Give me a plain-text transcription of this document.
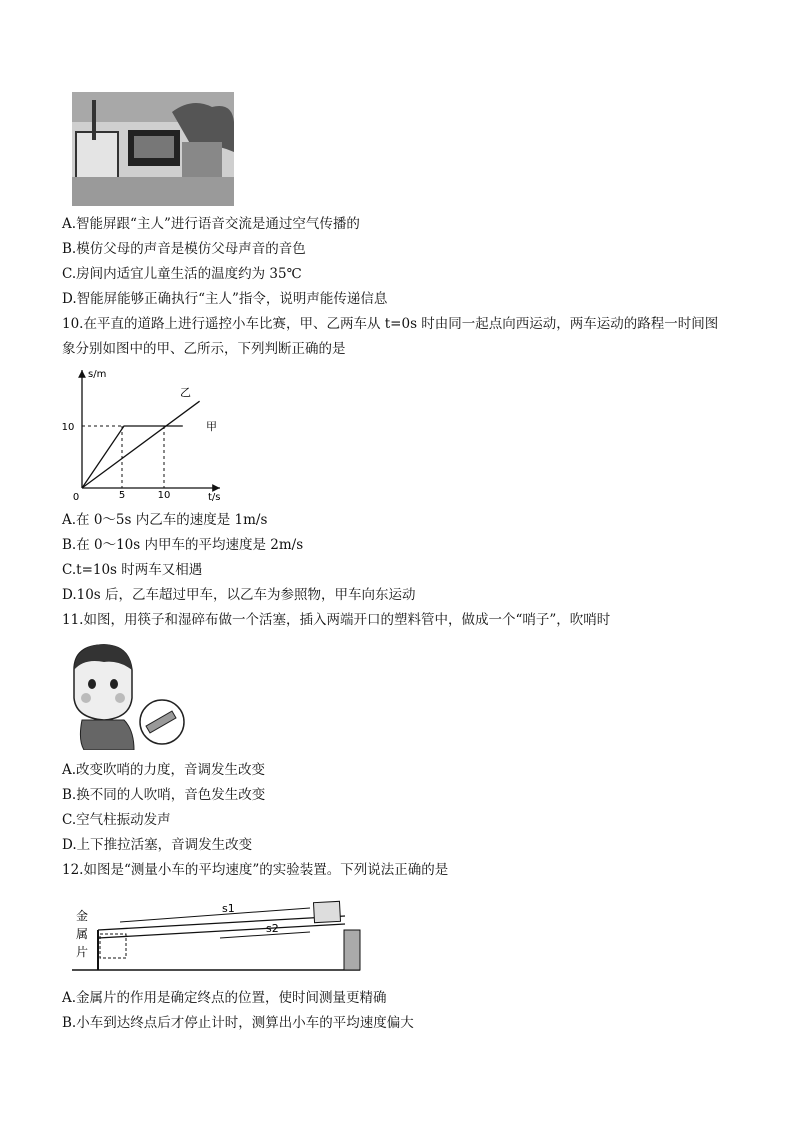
A.智能屏跟“主人”进行语音交流是通过空气传播的
B.模仿父母的声音是模仿父母声音的音色
C.房间内适宜儿童生活的温度约为 35℃
D.智能屏能够正确执行“主人”指令，说明声能传递信息
10.在平直的道路上进行遥控小车比赛，甲、乙两车从 t=0s 时由同一起点向西运动，两车运动的路程一时间图
象分别如图中的甲、乙所示，下列判断正确的是
s/m
t/s
0	5	10
10	甲
乙
A.在 0～5s 内乙车的速度是 1m/s
B.在 0～10s 内甲车的平均速度是 2m/s
C.t=10s 时两车又相遇
D.10s 后，乙车超过甲车，以乙车为参照物，甲车向东运动
11.如图，用筷子和湿碎布做一个活塞，插入两端开口的塑料管中，做成一个“哨子”，吹哨时
A.改变吹哨的力度，音调发生改变
B.换不同的人吹哨，音色发生改变
C.空气柱振动发声
D.上下推拉活塞，音调发生改变
12.如图是“测量小车的平均速度”的实验装置。下列说法正确的是
金
属
片
s1
s2
A.金属片的作用是确定终点的位置，使时间测量更精确
B.小车到达终点后才停止计时，测算出小车的平均速度偏大
